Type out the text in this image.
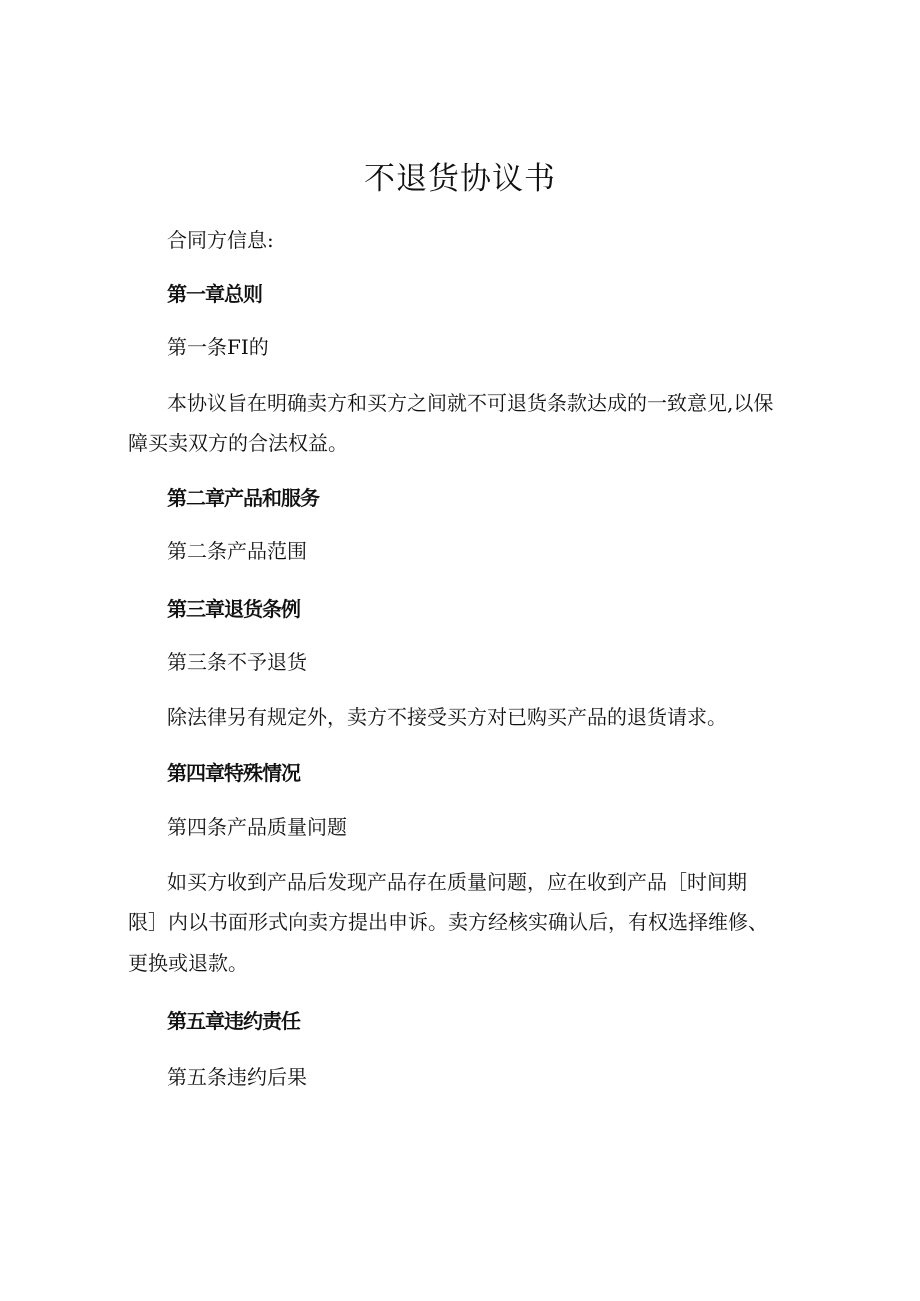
不退货协议书

合同方信息:

第一章总则

第一条FI的

本协议旨在明确卖方和买方之间就不可退货条款达成的一致意见,以保

障买卖双方的合法权益。

第二章产品和服务

第二条产品范围

第三章退货条例

第三条不予退货

除法律另有规定外，卖方不接受买方对已购买产品的退货请求。

第四章特殊情况

第四条产品质量问题

如买方收到产品后发现产品存在质量问题，应在收到产品［时间期

限］内以书面形式向卖方提出申诉。卖方经核实确认后，有权选择维修、

更换或退款。

第五章违约责任

第五条违约后果
